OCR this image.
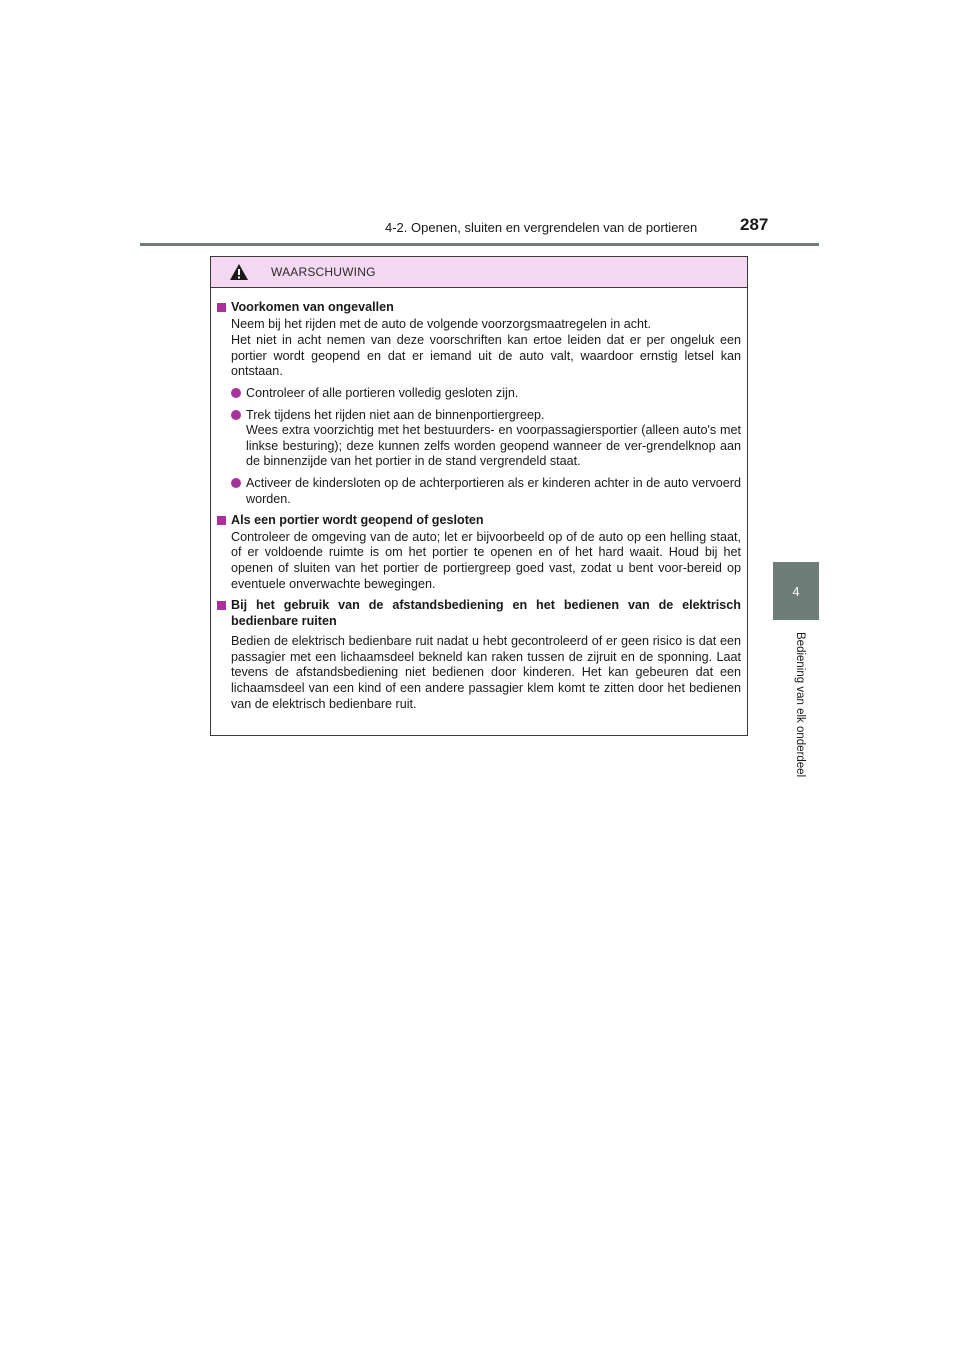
4-2. Openen, sluiten en vergrendelen van de portieren	287
4
Bediening van elk onderdeel
WAARSCHUWING
Voorkomen van ongevallen
Neem bij het rijden met de auto de volgende voorzorgsmaatregelen in acht.
Het niet in acht nemen van deze voorschriften kan ertoe leiden dat er per ongeluk een portier wordt geopend en dat er iemand uit de auto valt, waardoor ernstig letsel kan ontstaan.
Controleer of alle portieren volledig gesloten zijn.
Trek tijdens het rijden niet aan de binnenportiergreep.
Wees extra voorzichtig met het bestuurders- en voorpassagiersportier (alleen auto's met linkse besturing); deze kunnen zelfs worden geopend wanneer de ver-grendelknop aan de binnenzijde van het portier in de stand vergrendeld staat.
Activeer de kindersloten op de achterportieren als er kinderen achter in de auto vervoerd worden.
Als een portier wordt geopend of gesloten
Controleer de omgeving van de auto; let er bijvoorbeeld op of de auto op een helling staat, of er voldoende ruimte is om het portier te openen en of het hard waait. Houd bij het openen of sluiten van het portier de portiergreep goed vast, zodat u bent voor-bereid op eventuele onverwachte bewegingen.
Bij het gebruik van de afstandsbediening en het bedienen van de elektrisch bedienbare ruiten
Bedien de elektrisch bedienbare ruit nadat u hebt gecontroleerd of er geen risico is dat een passagier met een lichaamsdeel bekneld kan raken tussen de zijruit en de sponning. Laat tevens de afstandsbediening niet bedienen door kinderen. Het kan gebeuren dat een lichaamsdeel van een kind of een andere passagier klem komt te zitten door het bedienen van de elektrisch bedienbare ruit.
